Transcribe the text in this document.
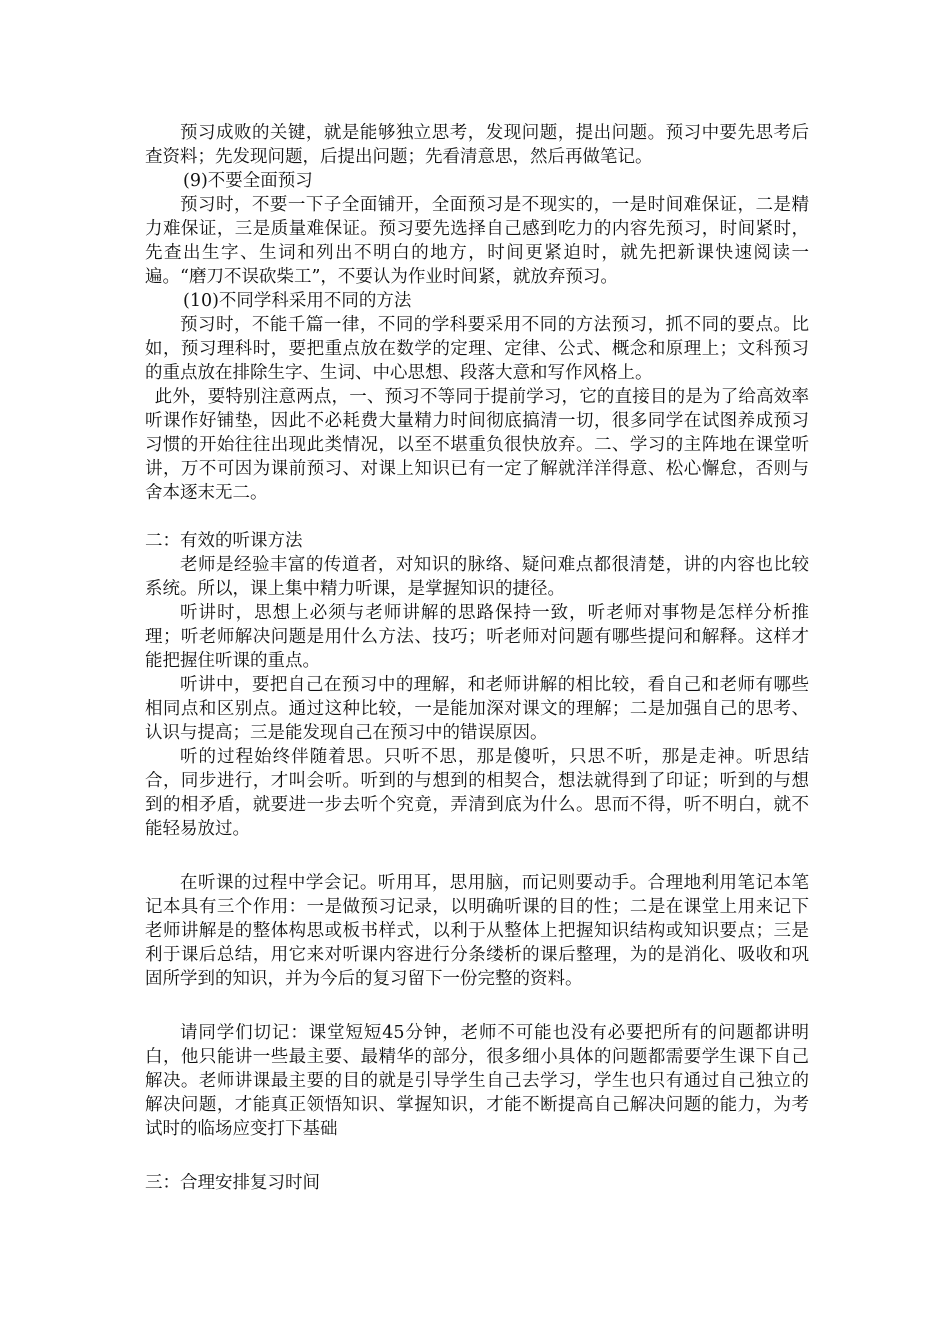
预习成败的关键，就是能够独立思考，发现问题，提出问题。预习中要先思考后查资料；先发现问题，后提出问题；先看清意思，然后再做笔记。

(9)不要全面预习

预习时，不要一下子全面铺开，全面预习是不现实的，一是时间难保证，二是精力难保证，三是质量难保证。预习要先选择自己感到吃力的内容先预习，时间紧时，先查出生字、生词和列出不明白的地方，时间更紧迫时，就先把新课快速阅读一遍。“磨刀不误砍柴工”，不要认为作业时间紧，就放弃预习。

(10)不同学科采用不同的方法

预习时，不能千篇一律，不同的学科要采用不同的方法预习，抓不同的要点。比如，预习理科时，要把重点放在数学的定理、定律、公式、概念和原理上；文科预习的重点放在排除生字、生词、中心思想、段落大意和写作风格上。

此外，要特别注意两点，一、预习不等同于提前学习，它的直接目的是为了给高效率听课作好铺垫，因此不必耗费大量精力时间彻底搞清一切，很多同学在试图养成预习习惯的开始往往出现此类情况，以至不堪重负很快放弃。二、学习的主阵地在课堂听讲，万不可因为课前预习、对课上知识已有一定了解就洋洋得意、松心懈怠，否则与舍本逐末无二。

二：有效的听课方法

老师是经验丰富的传道者，对知识的脉络、疑问难点都很清楚，讲的内容也比较系统。所以，课上集中精力听课，是掌握知识的捷径。

听讲时，思想上必须与老师讲解的思路保持一致，听老师对事物是怎样分析推理；听老师解决问题是用什么方法、技巧；听老师对问题有哪些提问和解释。这样才能把握住听课的重点。

听讲中，要把自己在预习中的理解，和老师讲解的相比较，看自己和老师有哪些相同点和区别点。通过这种比较，一是能加深对课文的理解；二是加强自己的思考、认识与提高；三是能发现自己在预习中的错误原因。

听的过程始终伴随着思。只听不思，那是傻听，只思不听，那是走神。听思结合，同步进行，才叫会听。听到的与想到的相契合，想法就得到了印证；听到的与想到的相矛盾，就要进一步去听个究竟，弄清到底为什么。思而不得，听不明白，就不能轻易放过。

在听课的过程中学会记。听用耳，思用脑，而记则要动手。合理地利用笔记本笔记本具有三个作用：一是做预习记录，以明确听课的目的性；二是在课堂上用来记下老师讲解是的整体构思或板书样式，以利于从整体上把握知识结构或知识要点；三是利于课后总结，用它来对听课内容进行分条缕析的课后整理，为的是消化、吸收和巩固所学到的知识，并为今后的复习留下一份完整的资料。

请同学们切记：课堂短短45分钟，老师不可能也没有必要把所有的问题都讲明白，他只能讲一些最主要、最精华的部分，很多细小具体的问题都需要学生课下自己解决。老师讲课最主要的目的就是引导学生自己去学习，学生也只有通过自己独立的解决问题，才能真正领悟知识、掌握知识，才能不断提高自己解决问题的能力，为考试时的临场应变打下基础

三：合理安排复习时间
